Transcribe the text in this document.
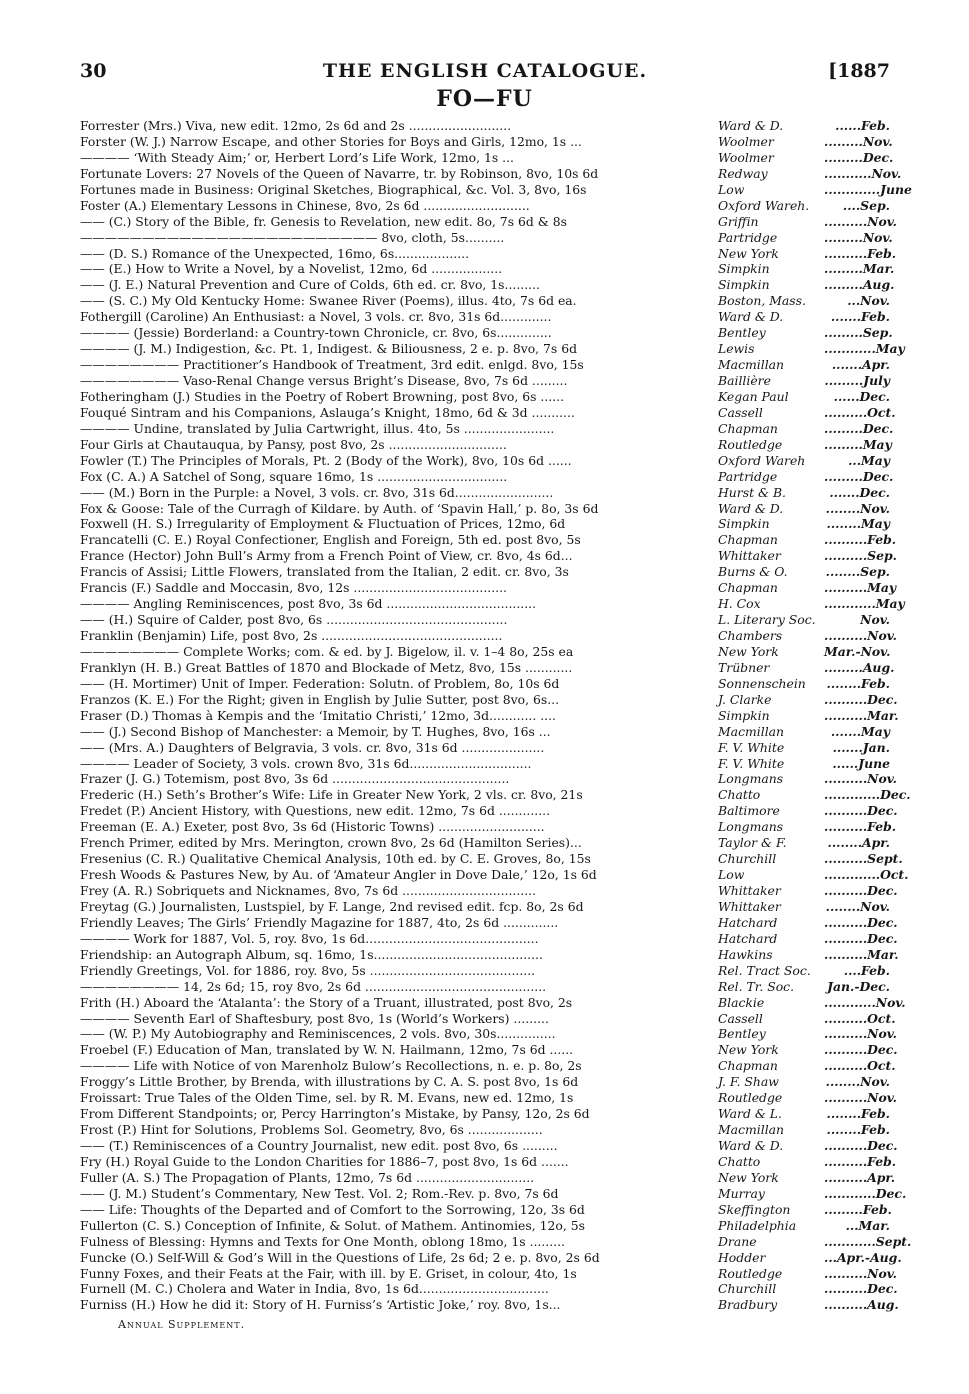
30	THE ENGLISH CATALOGUE.	[1887
FO—FU
Forrester (Mrs.) Viva, new edit. 12mo, 2s 6d and 2s ..........................	Ward & D.	......Feb.
Forster (W. J.) Narrow Escape, and other Stories for Boys and Girls, 12mo, 1s ...	Woolmer	.........Nov.
———— ‘With Steady Aim;’ or, Herbert Lord’s Life Work, 12mo, 1s ...	Woolmer	.........Dec.
Fortunate Lovers: 27 Novels of the Queen of Navarre, tr. by Robinson, 8vo, 10s 6d	Redway	...........Nov.
Fortunes made in Business: Original Sketches, Biographical, &c. Vol. 3, 8vo, 16s	Low	.............June
Foster (A.) Elementary Lessons in Chinese, 8vo, 2s 6d ...........................	Oxford Wareh.	....Sep.
—— (C.) Story of the Bible, fr. Genesis to Revelation, new edit. 8o, 7s 6d & 8s	Griffin	..........Nov.
———————————————————————— 8vo, cloth, 5s..........	Partridge	.........Nov.
—— (D. S.) Romance of the Unexpected, 16mo, 6s...................	New York	..........Feb.
—— (E.) How to Write a Novel, by a Novelist, 12mo, 6d ..................	Simpkin	.........Mar.
—— (J. E.) Natural Prevention and Cure of Colds, 6th ed. cr. 8vo, 1s.........	Simpkin	.........Aug.
—— (S. C.) My Old Kentucky Home: Swanee River (Poems), illus. 4to, 7s 6d ea.	Boston, Mass.	...Nov.
Fothergill (Caroline) An Enthusiast: a Novel, 3 vols. cr. 8vo, 31s 6d.............	Ward & D.	.......Feb.
———— (Jessie) Borderland: a Country-town Chronicle, cr. 8vo, 6s..............	Bentley	.........Sep.
———— (J. M.) Indigestion, &c. Pt. 1, Indigest. & Biliousness, 2 e. p. 8vo, 7s 6d	Lewis	............May
———————— Practitioner’s Handbook of Treatment, 3rd edit. enlgd. 8vo, 15s	Macmillan	.......Apr.
———————— Vaso-Renal Change versus Bright’s Disease, 8vo, 7s 6d .........	Baillière	.........July
Fotheringham (J.) Studies in the Poetry of Robert Browning, post 8vo, 6s ......	Kegan Paul	......Dec.
Fouqué Sintram and his Companions, Aslauga’s Knight, 18mo, 6d & 3d ...........	Cassell	..........Oct.
———— Undine, translated by Julia Cartwright, illus. 4to, 5s .......................	Chapman	.........Dec.
Four Girls at Chautauqua, by Pansy, post 8vo, 2s ..............................	Routledge	.........May
Fowler (T.) The Principles of Morals, Pt. 2 (Body of the Work), 8vo, 10s 6d ......	Oxford Wareh	...May
Fox (C. A.) A Satchel of Song, square 16mo, 1s .................................	Partridge	.........Dec.
—— (M.) Born in the Purple: a Novel, 3 vols. cr. 8vo, 31s 6d.........................	Hurst & B.	.......Dec.
Fox & Goose: Tale of the Curragh of Kildare. by Auth. of ‘Spavin Hall,’ p. 8o, 3s 6d	Ward & D.	........Nov.
Foxwell (H. S.) Irregularity of Employment & Fluctuation of Prices, 12mo, 6d	Simpkin	........May
Francatelli (C. E.) Royal Confectioner, English and Foreign, 5th ed. post 8vo, 5s	Chapman	..........Feb.
France (Hector) John Bull’s Army from a French Point of View, cr. 8vo, 4s 6d...	Whittaker	..........Sep.
Francis of Assisi; Little Flowers, translated from the Italian, 2 edit. cr. 8vo, 3s	Burns & O.	........Sep.
Francis (F.) Saddle and Moccasin, 8vo, 12s .......................................	Chapman	..........May
———— Angling Reminiscences, post 8vo, 3s 6d ......................................	H. Cox	............May
—— (H.) Squire of Calder, post 8vo, 6s ..............................................	L. Literary Soc.	Nov.
Franklin (Benjamin) Life, post 8vo, 2s ..............................................	Chambers	..........Nov.
———————— Complete Works; com. & ed. by J. Bigelow, il. v. 1–4 8o, 25s ea	New York	Mar.-Nov.
Franklyn (H. B.) Great Battles of 1870 and Blockade of Metz, 8vo, 15s ............	Trübner	.........Aug.
—— (H. Mortimer) Unit of Imper. Federation: Solutn. of Problem, 8o, 10s 6d	Sonnenschein	........Feb.
Franzos (K. E.) For the Right; given in English by Julie Sutter, post 8vo, 6s...	J. Clarke	..........Dec.
Fraser (D.) Thomas à Kempis and the ‘Imitatio Christi,’ 12mo, 3d............ ....	Simpkin	..........Mar.
—— (J.) Second Bishop of Manchester: a Memoir, by T. Hughes, 8vo, 16s ...	Macmillan	.......May
—— (Mrs. A.) Daughters of Belgravia, 3 vols. cr. 8vo, 31s 6d .....................	F. V. White	.......Jan.
———— Leader of Society, 3 vols. crown 8vo, 31s 6d...............................	F. V. White	......June
Frazer (J. G.) Totemism, post 8vo, 3s 6d .............................................	Longmans	..........Nov.
Frederic (H.) Seth’s Brother’s Wife: Life in Greater New York, 2 vls. cr. 8vo, 21s	Chatto	.............Dec.
Fredet (P.) Ancient History, with Questions, new edit. 12mo, 7s 6d .............	Baltimore	..........Dec.
Freeman (E. A.) Exeter, post 8vo, 3s 6d (Historic Towns) ...........................	Longmans	..........Feb.
French Primer, edited by Mrs. Merington, crown 8vo, 2s 6d (Hamilton Series)...	Taylor & F.	........Apr.
Fresenius (C. R.) Qualitative Chemical Analysis, 10th ed. by C. E. Groves, 8o, 15s	Churchill	..........Sept.
Fresh Woods & Pastures New, by Au. of ‘Amateur Angler in Dove Dale,’ 12o, 1s 6d	Low	.............Oct.
Frey (A. R.) Sobriquets and Nicknames, 8vo, 7s 6d ..................................	Whittaker	..........Dec.
Freytag (G.) Journalisten, Lustspiel, by F. Lange, 2nd revised edit. fcp. 8o, 2s 6d	Whittaker	........Nov.
Friendly Leaves; The Girls’ Friendly Magazine for 1887, 4to, 2s 6d ..............	Hatchard	..........Dec.
———— Work for 1887, Vol. 5, roy. 8vo, 1s 6d............................................	Hatchard	..........Dec.
Friendship: an Autograph Album, sq. 16mo, 1s...........................................	Hawkins	..........Mar.
Friendly Greetings, Vol. for 1886, roy. 8vo, 5s ..........................................	Rel. Tract Soc.	....Feb.
———————— 14, 2s 6d; 15, roy 8vo, 2s 6d ..............................................	Rel. Tr. Soc.	Jan.-Dec.
Frith (H.) Aboard the ‘Atalanta’: the Story of a Truant, illustrated, post 8vo, 2s	Blackie	............Nov.
———— Seventh Earl of Shaftesbury, post 8vo, 1s (World’s Workers) .........	Cassell	..........Oct.
—— (W. P.) My Autobiography and Reminiscences, 2 vols. 8vo, 30s...............	Bentley	..........Nov.
Froebel (F.) Education of Man, translated by W. N. Hailmann, 12mo, 7s 6d ......	New York	..........Dec.
———— Life with Notice of von Marenholz Bulow’s Recollections, n. e. p. 8o, 2s	Chapman	..........Oct.
Froggy’s Little Brother, by Brenda, with illustrations by C. A. S. post 8vo, 1s 6d	J. F. Shaw	........Nov.
Froissart: True Tales of the Olden Time, sel. by R. M. Evans, new ed. 12mo, 1s	Routledge	..........Nov.
From Different Standpoints; or, Percy Harrington’s Mistake, by Pansy, 12o, 2s 6d	Ward & L.	........Feb.
Frost (P.) Hint for Solutions, Problems Sol. Geometry, 8vo, 6s ...................	Macmillan	........Feb.
—— (T.) Reminiscences of a Country Journalist, new edit. post 8vo, 6s .........	Ward & D.	..........Dec.
Fry (H.) Royal Guide to the London Charities for 1886–7, post 8vo, 1s 6d .......	Chatto	..........Feb.
Fuller (A. S.) The Propagation of Plants, 12mo, 7s 6d ..............................	New York	..........Apr.
—— (J. M.) Student’s Commentary, New Test. Vol. 2; Rom.-Rev. p. 8vo, 7s 6d	Murray	............Dec.
—— Life: Thoughts of the Departed and of Comfort to the Sorrowing, 12o, 3s 6d	Skeffington	.........Feb.
Fullerton (C. S.) Conception of Infinite, & Solut. of Mathem. Antinomies, 12o, 5s	Philadelphia	...Mar.
Fulness of Blessing: Hymns and Texts for One Month, oblong 18mo, 1s .........	Drane	............Sept.
Funcke (O.) Self-Will & God’s Will in the Questions of Life, 2s 6d; 2 e. p. 8vo, 2s 6d	Hodder	...Apr.-Aug.
Funny Foxes, and their Feats at the Fair, with ill. by E. Griset, in colour, 4to, 1s	Routledge	..........Nov.
Furnell (M. C.) Cholera and Water in India, 8vo, 1s 6d.................................	Churchill	..........Dec.
Furniss (H.) How he did it: Story of H. Furniss’s ‘Artistic Joke,’ roy. 8vo, 1s...	Bradbury	..........Aug.
Annual Supplement.
